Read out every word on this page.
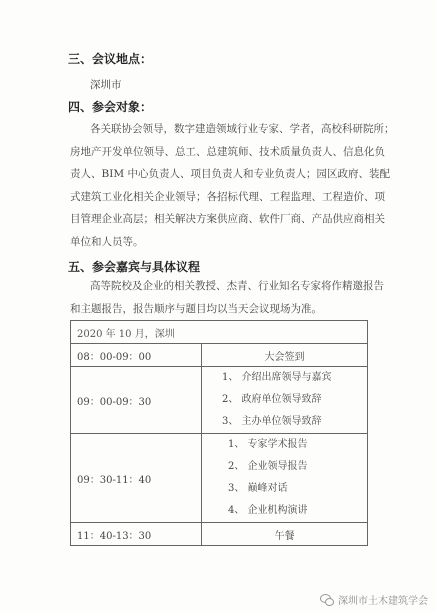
三、会议地点：
深圳市
四、参会对象：
各关联协会领导，数字建造领域行业专家、学者，高校科研院所；
房地产开发单位领导、总工、总建筑师、技术质量负责人、信息化负
责人、BIM 中心负责人、项目负责人和专业负责人；园区政府、装配
式建筑工业化相关企业领导；各招标代理、工程监理、工程造价、项
目管理企业高层；相关解决方案供应商、软件厂商、产品供应商相关
单位和人员等。
五、参会嘉宾与具体议程
高等院校及企业的相关教授、杰青、行业知名专家将作精邀报告
和主题报告，报告顺序与题目均以当天会议现场为准。
2020 年 10 月，深圳	
08：00-09：00	大会签到
09：00-09：30	1、 介绍出席领导与嘉宾
2、 政府单位领导致辞
3、 主办单位领导致辞

09：30-11：40	1、 专家学术报告
2、 企业领导报告
3、 巅峰对话
4、 企业机构演讲

11：40-13：30	午餐
深圳市土木建筑学会
